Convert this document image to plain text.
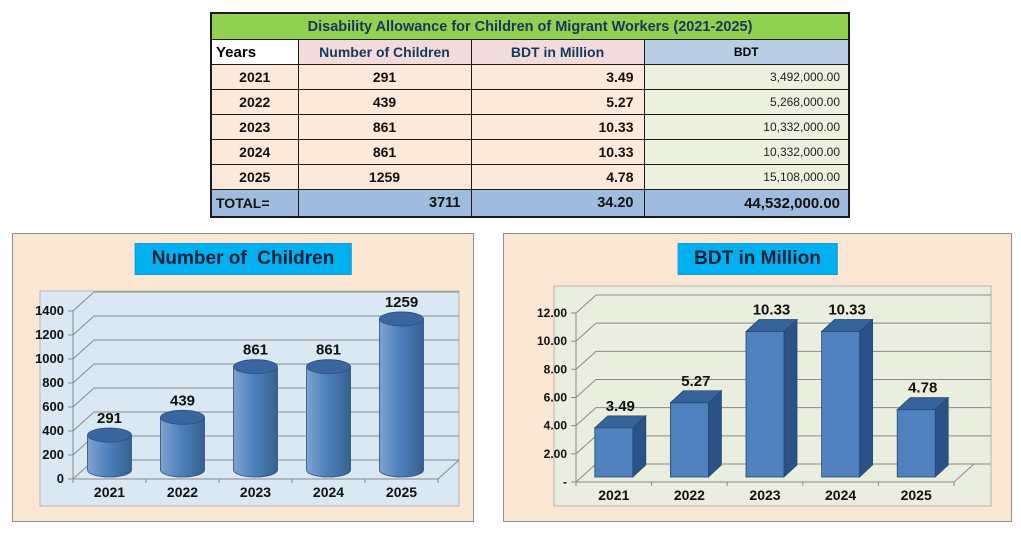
Disability Allowance for Children of Migrant Workers (2021-2025)			
Years	Number of Children	BDT in Million	BDT
2021	291	3.49	3,492,000.00
2022	439	5.27	5,268,000.00
2023	861	10.33	10,332,000.00
2024	861	10.33	10,332,000.00
2025	1259	4.78	15,108,000.00
TOTAL=	3711	34.20	44,532,000.00
0
200
400
600
800
1000
1200
1400
291
2021
439
2022
861
2023
861
2024
1259
2025
Number of  Children
-
2.00
4.00
6.00
8.00
10.00
12.00
3.49
2021
5.27
2022
10.33
2023
10.33
2024
4.78
2025
BDT in Million
